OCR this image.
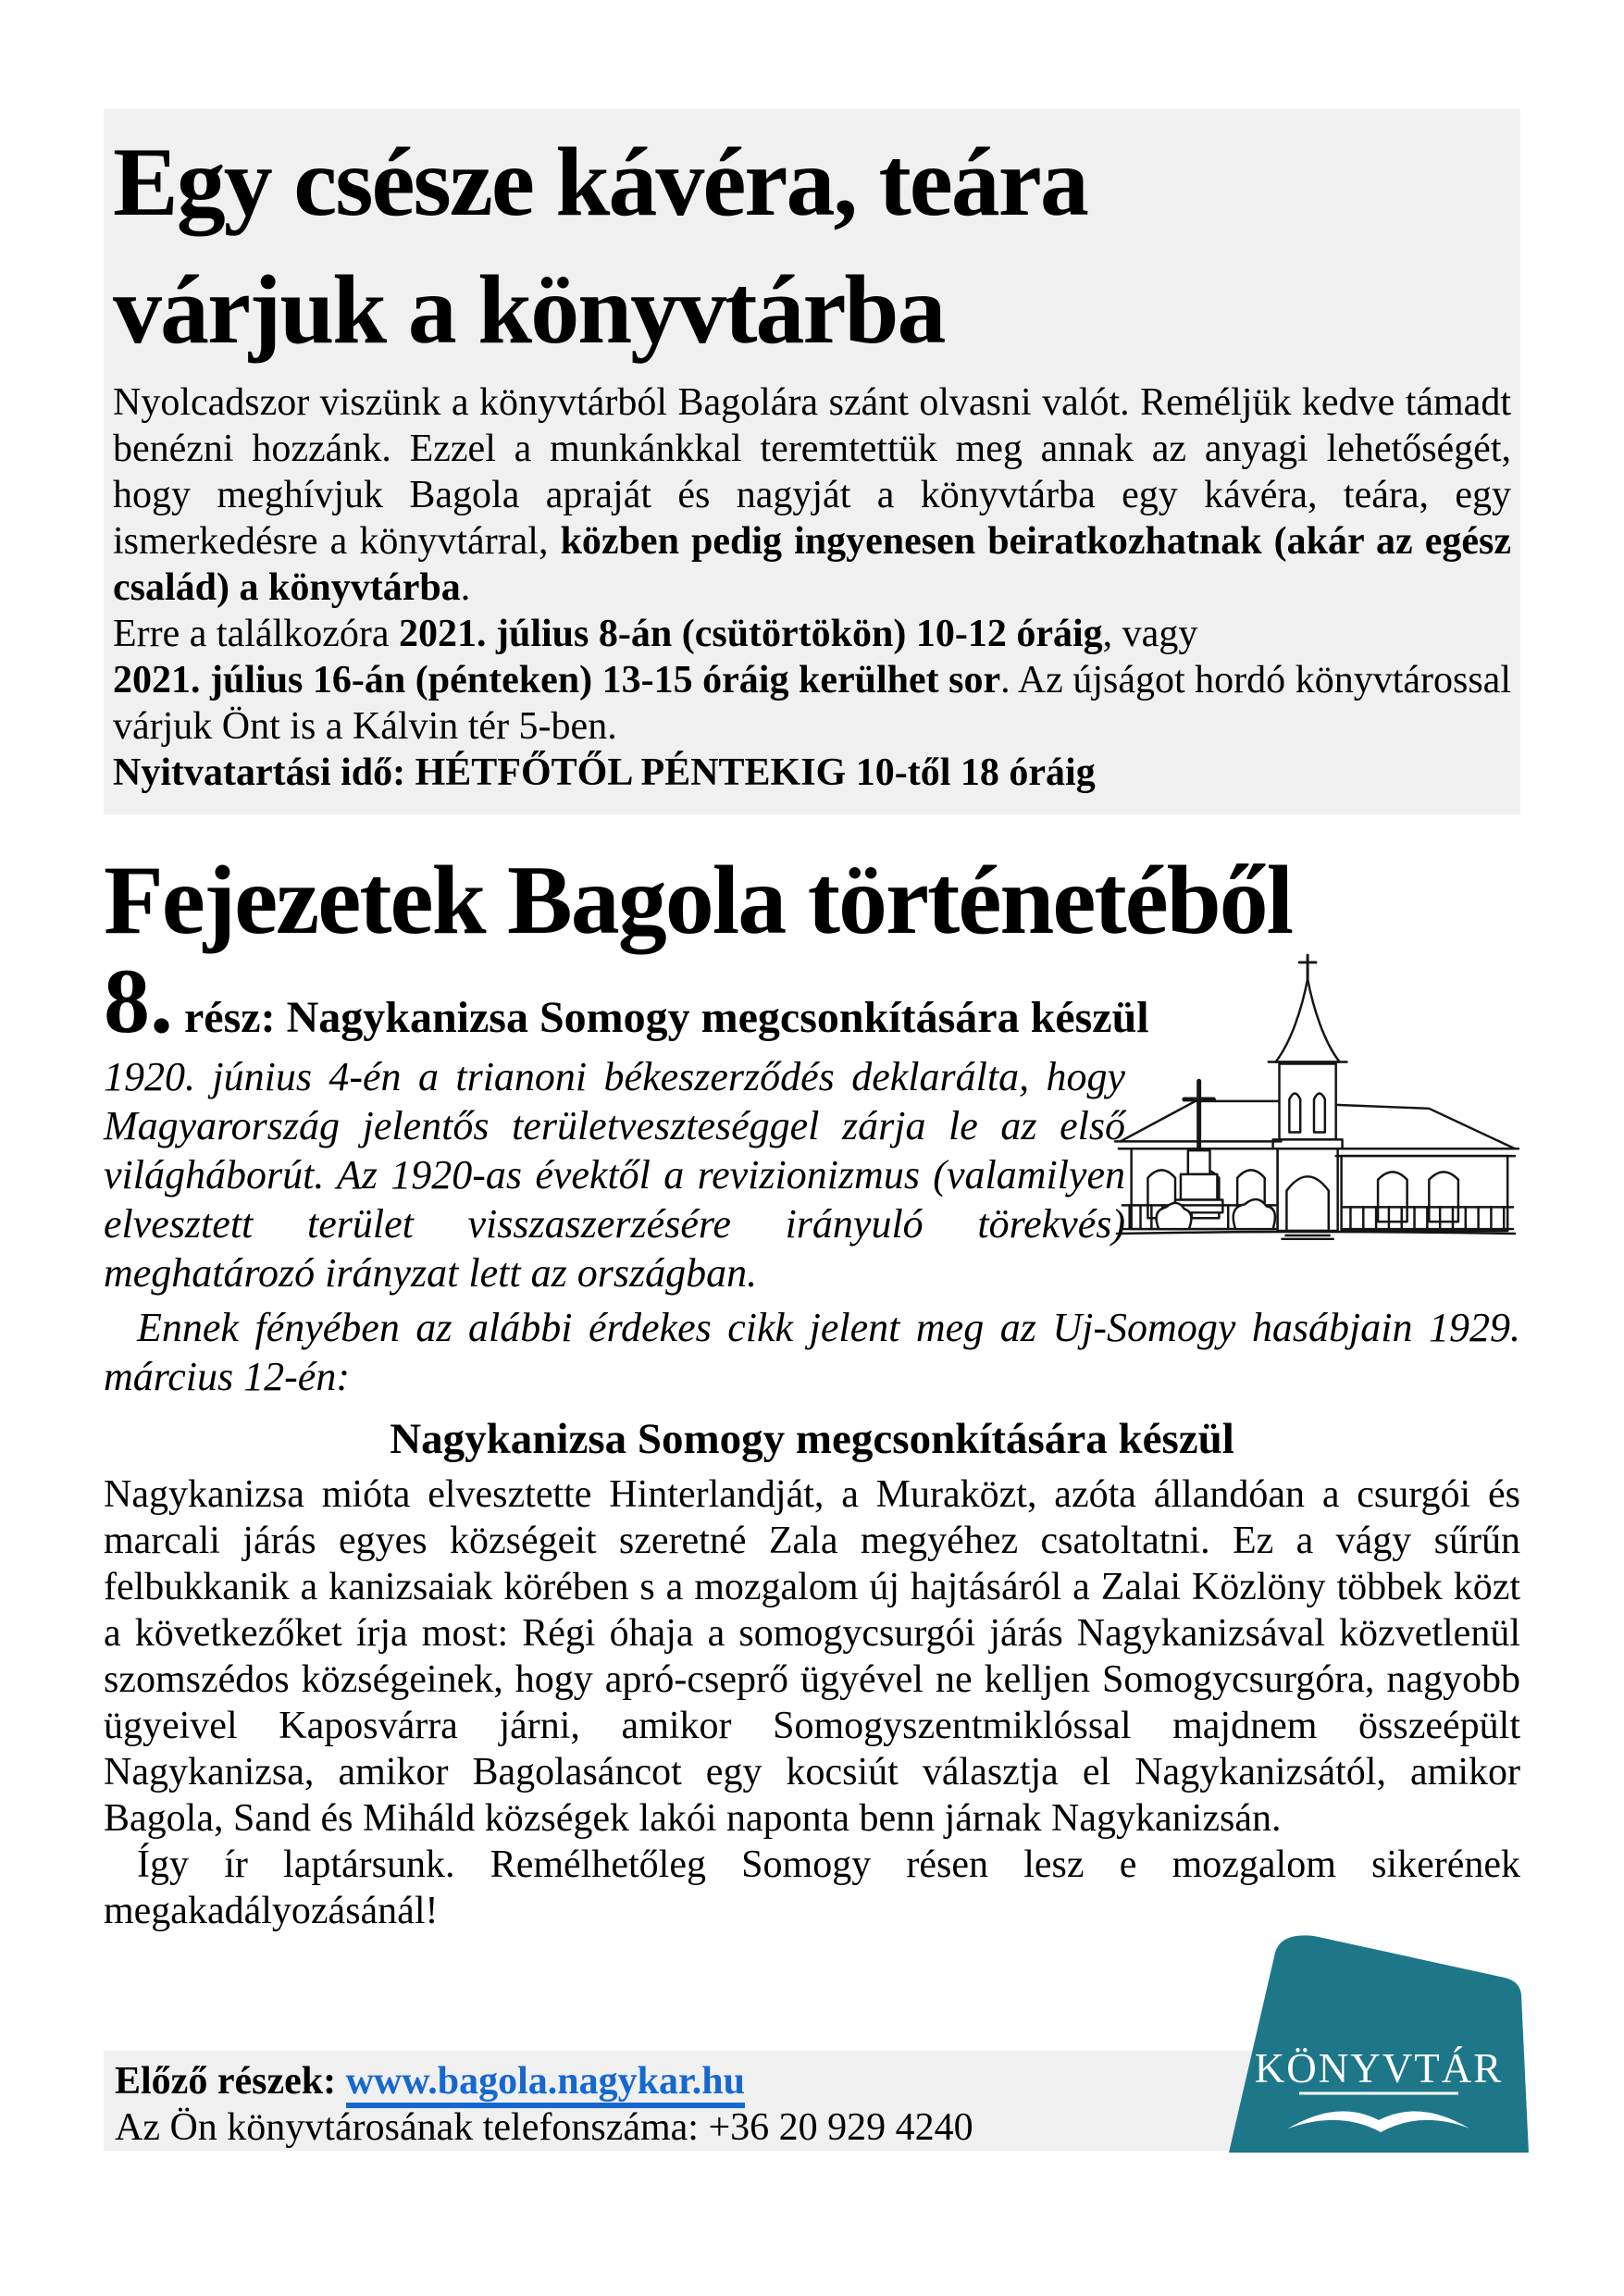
Egy csésze kávéra, teára
várjuk a könyvtárba

Nyolcadszor viszünk a könyvtárból Bagolára szánt olvasni valót. Reméljük kedve támadt benézni hozzánk. Ezzel a munkánkkal teremtettük meg annak az anyagi lehetőségét, hogy meghívjuk Bagola apraját és nagyját a könyvtárba egy kávéra, teára, egy ismerkedésre a könyvtárral, közben pedig ingyenesen beiratkozhatnak (akár az egész család) a könyvtárba.

Erre a találkozóra 2021. július 8-án (csütörtökön) 10-12 óráig, vagy
2021. július 16-án (pénteken) 13-15 óráig kerülhet sor. Az újságot hordó könyvtárossal várjuk Önt is a Kálvin tér 5-ben.

Nyitvatartási idő: HÉTFŐTŐL PÉNTEKIG 10-től 18 óráig

Fejezetek Bagola történetéből
8. rész: Nagykanizsa Somogy megcsonkítására készül

1920. június 4-én a trianoni békeszerződés deklarálta, hogy Magyarország jelentős területveszteséggel zárja le az első világháborút. Az 1920-as évektől a revizionizmus (valamilyen elvesztett terület visszaszerzésére irányuló törekvés) meghatározó irányzat lett az országban.

Ennek fényében az alábbi érdekes cikk jelent meg az Uj-Somogy hasábjain 1929. március 12-én:

Nagykanizsa Somogy megcsonkítására készül

Nagykanizsa mióta elvesztette Hinterlandját, a Muraközt, azóta állandóan a csurgói és marcali járás egyes községeit szeretné Zala megyéhez csatoltatni. Ez a vágy sűrűn felbukkanik a kanizsaiak körében s a mozgalom új hajtásáról a Zalai Közlöny többek közt a következőket írja most: Régi óhaja a somogycsurgói járás Nagykanizsával közvetlenül szomszédos községeinek, hogy apró-cseprő ügyével ne kelljen Somogycsurgóra, nagyobb ügyeivel Kaposvárra járni, amikor Somogyszentmiklóssal majdnem összeépült Nagykanizsa, amikor Bagolasáncot egy kocsiút választja el Nagykanizsától, amikor Bagola, Sand és Miháld községek lakói naponta benn járnak Nagykanizsán.

Így ír laptársunk. Remélhetőleg Somogy résen lesz e mozgalom sikerének megakadályozásánál!

Előző részek: www.bagola.nagykar.hu

Az Ön könyvtárosának telefonszáma: +36 20 929 4240

KÖNYVTÁR
